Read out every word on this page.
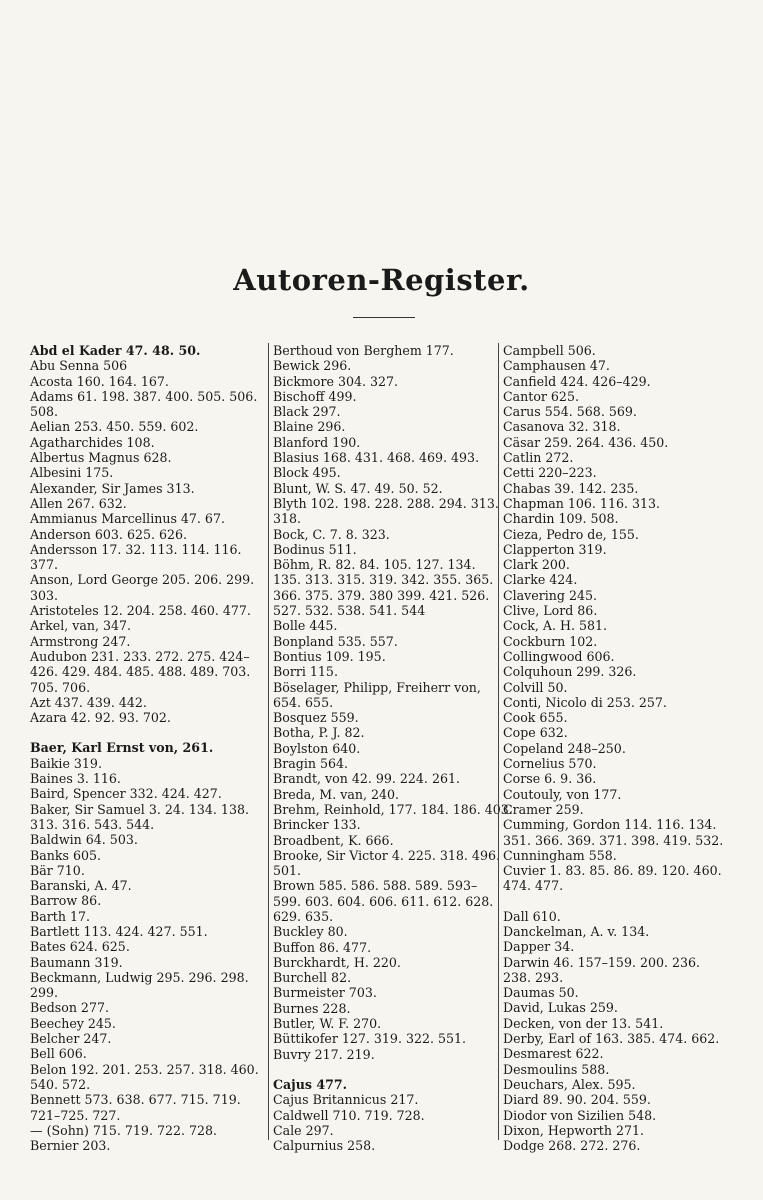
Autoren-Register.
Abd el Kader 47. 48. 50.
Abu Senna 506
Acosta 160. 164. 167.
Adams 61. 198. 387. 400. 505. 506.
508.
Aelian 253. 450. 559. 602.
Agatharchides 108.
Albertus Magnus 628.
Albesini 175.
Alexander, Sir James 313.
Allen 267. 632.
Ammianus Marcellinus 47. 67.
Anderson 603. 625. 626.
Andersson 17. 32. 113. 114. 116.
377.
Anson, Lord George 205. 206. 299.
303.
Aristoteles 12. 204. 258. 460. 477.
Arkel, van, 347.
Armstrong 247.
Audubon 231. 233. 272. 275. 424–
426. 429. 484. 485. 488. 489. 703.
705. 706.
Azt 437. 439. 442.
Azara 42. 92. 93. 702.
Baer, Karl Ernst von, 261.
Baikie 319.
Baines 3. 116.
Baird, Spencer 332. 424. 427.
Baker, Sir Samuel 3. 24. 134. 138.
313. 316. 543. 544.
Baldwin 64. 503.
Banks 605.
Bär 710.
Baranski, A. 47.
Barrow 86.
Barth 17.
Bartlett 113. 424. 427. 551.
Bates 624. 625.
Baumann 319.
Beckmann, Ludwig 295. 296. 298.
299.
Bedson 277.
Beechey 245.
Belcher 247.
Bell 606.
Belon 192. 201. 253. 257. 318. 460.
540. 572.
Bennett 573. 638. 677. 715. 719.
721–725. 727.
— (Sohn) 715. 719. 722. 728.
Bernier 203.
Berthoud von Berghem 177.
Bewick 296.
Bickmore 304. 327.
Bischoff 499.
Black 297.
Blaine 296.
Blanford 190.
Blasius 168. 431. 468. 469. 493.
Block 495.
Blunt, W. S. 47. 49. 50. 52.
Blyth 102. 198. 228. 288. 294. 313.
318.
Bock, C. 7. 8. 323.
Bodinus 511.
Böhm, R. 82. 84. 105. 127. 134.
135. 313. 315. 319. 342. 355. 365.
366. 375. 379. 380 399. 421. 526.
527. 532. 538. 541. 544
Bolle 445.
Bonpland 535. 557.
Bontius 109. 195.
Borri 115.
Böselager, Philipp, Freiherr von,
654. 655.
Bosquez 559.
Botha, P. J. 82.
Boylston 640.
Bragin 564.
Brandt, von 42. 99. 224. 261.
Breda, M. van, 240.
Brehm, Reinhold, 177. 184. 186. 403.
Brincker 133.
Broadbent, K. 666.
Brooke, Sir Victor 4. 225. 318. 496.
501.
Brown 585. 586. 588. 589. 593–
599. 603. 604. 606. 611. 612. 628.
629. 635.
Buckley 80.
Buffon 86. 477.
Burckhardt, H. 220.
Burchell 82.
Burmeister 703.
Burnes 228.
Butler, W. F. 270.
Büttikofer 127. 319. 322. 551.
Buvry 217. 219.
Cajus 477.
Cajus Britannicus 217.
Caldwell 710. 719. 728.
Cale 297.
Calpurnius 258.
Campbell 506.
Camphausen 47.
Canfield 424. 426–429.
Cantor 625.
Carus 554. 568. 569.
Casanova 32. 318.
Cäsar 259. 264. 436. 450.
Catlin 272.
Cetti 220–223.
Chabas 39. 142. 235.
Chapman 106. 116. 313.
Chardin 109. 508.
Cieza, Pedro de, 155.
Clapperton 319.
Clark 200.
Clarke 424.
Clavering 245.
Clive, Lord 86.
Cock, A. H. 581.
Cockburn 102.
Collingwood 606.
Colquhoun 299. 326.
Colvill 50.
Conti, Nicolo di 253. 257.
Cook 655.
Cope 632.
Copeland 248–250.
Cornelius 570.
Corse 6. 9. 36.
Coutouly, von 177.
Cramer 259.
Cumming, Gordon 114. 116. 134.
351. 366. 369. 371. 398. 419. 532.
Cunningham 558.
Cuvier 1. 83. 85. 86. 89. 120. 460.
474. 477.
Dall 610.
Danckelman, A. v. 134.
Dapper 34.
Darwin 46. 157–159. 200. 236.
238. 293.
Daumas 50.
David, Lukas 259.
Decken, von der 13. 541.
Derby, Earl of 163. 385. 474. 662.
Desmarest 622.
Desmoulins 588.
Deuchars, Alex. 595.
Diard 89. 90. 204. 559.
Diodor von Sizilien 548.
Dixon, Hepworth 271.
Dodge 268. 272. 276.
